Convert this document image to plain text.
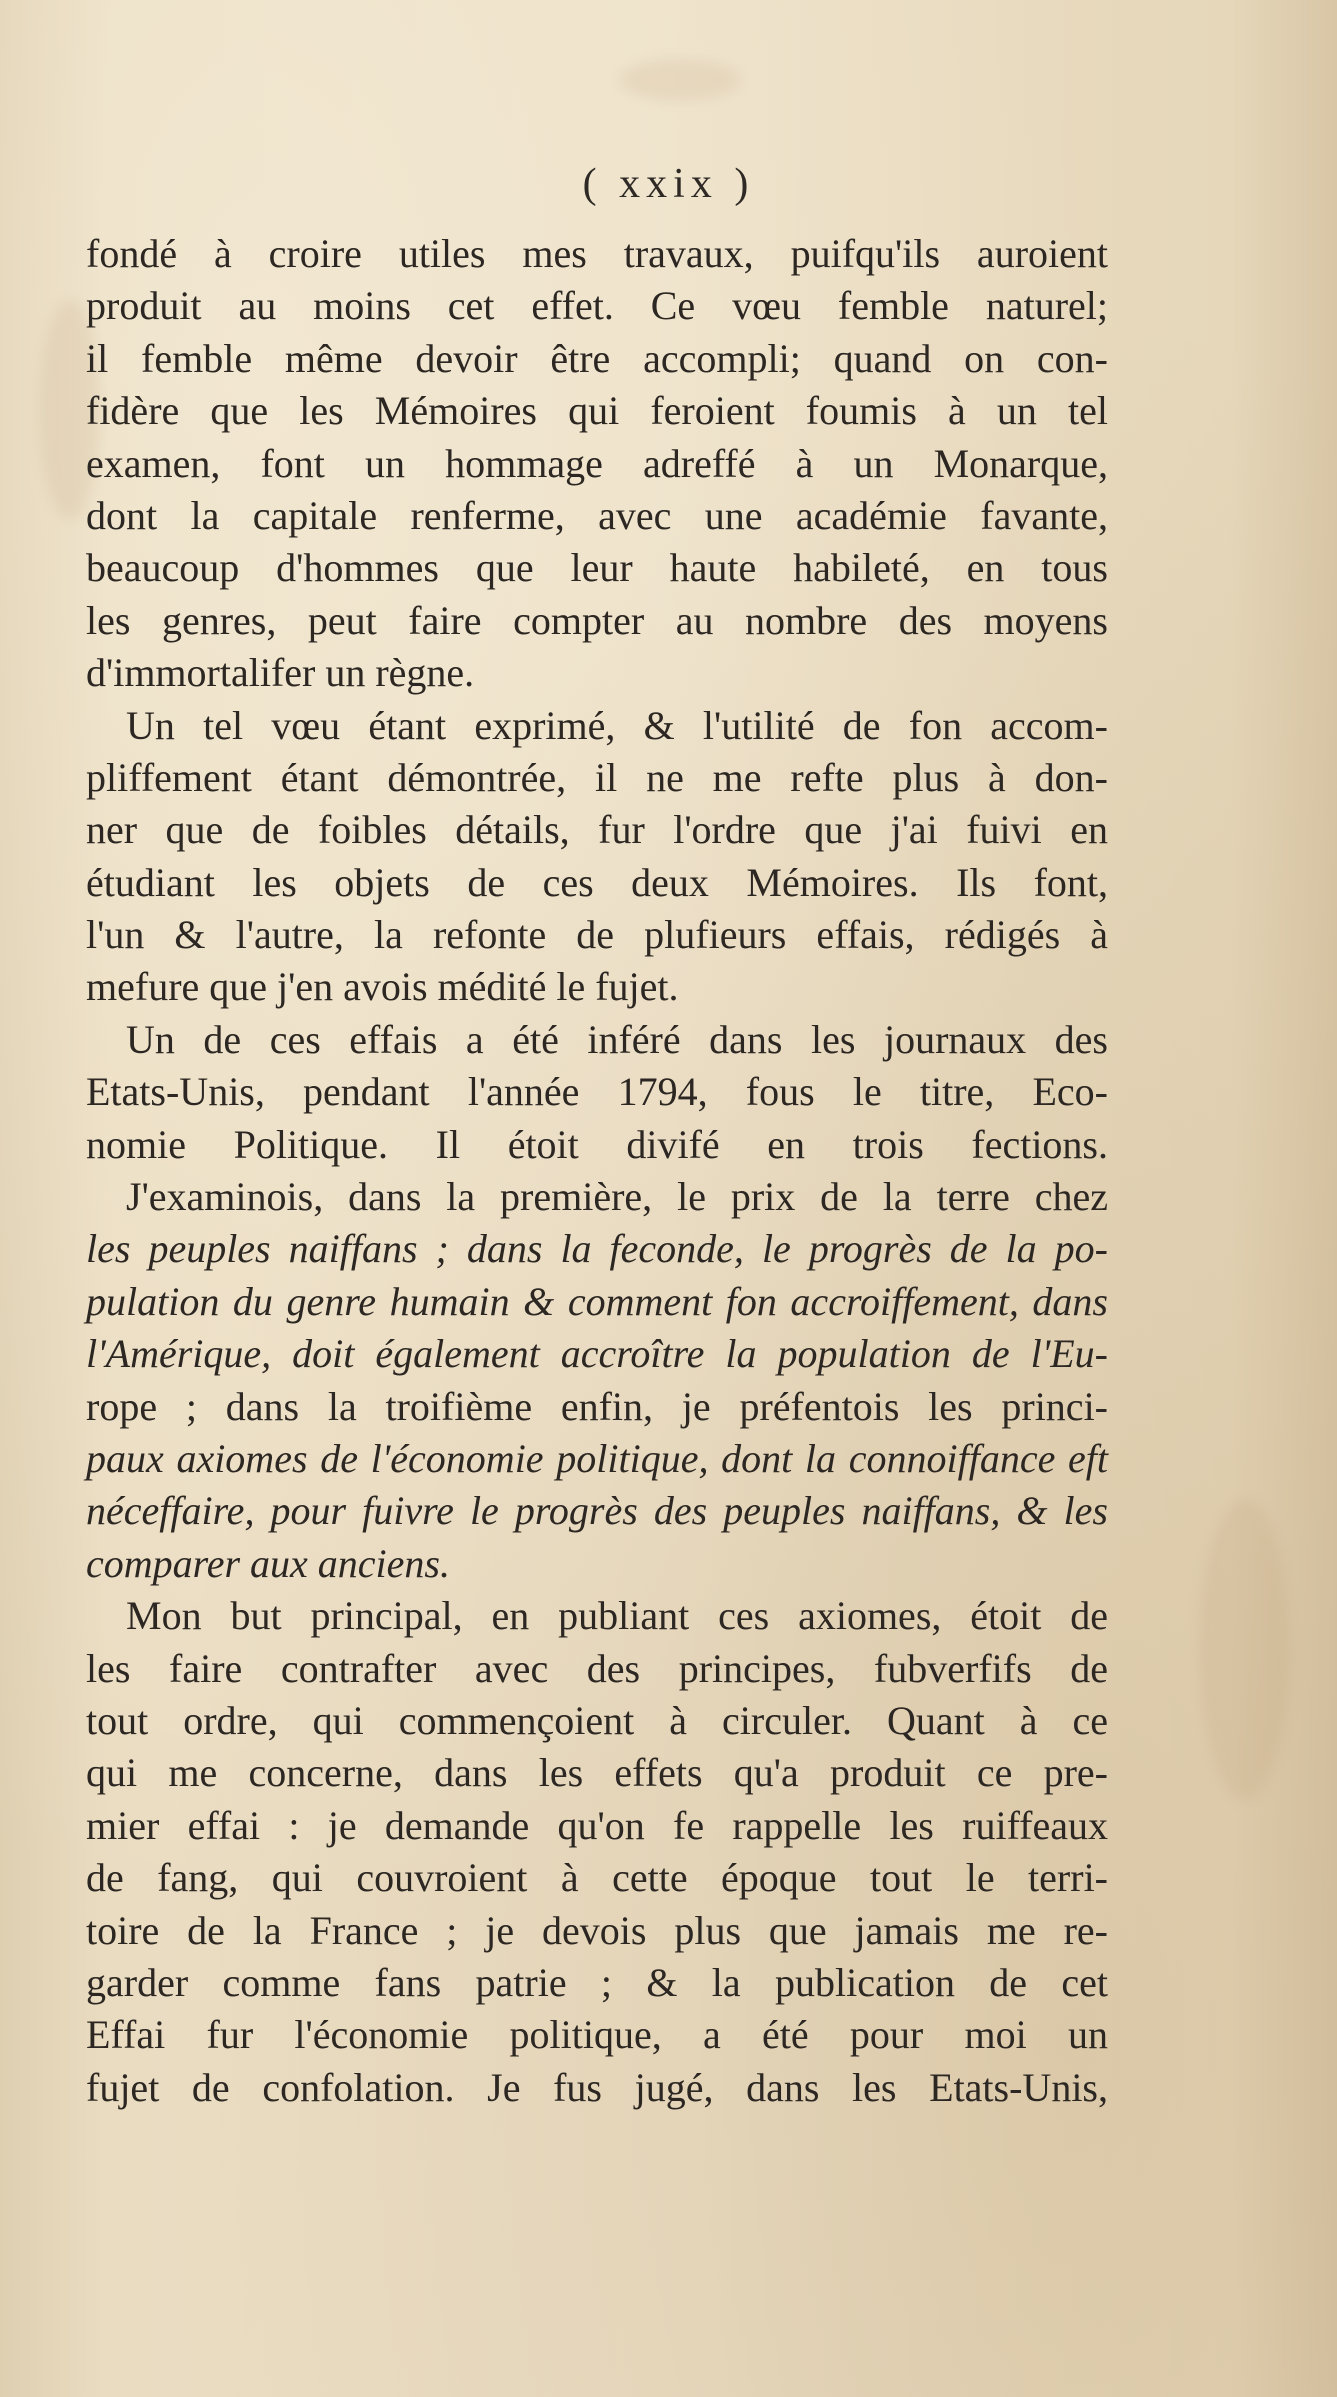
( xxix )
fondé à croire utiles mes travaux, puifqu'ils auroient
produit au moins cet effet. Ce vœu femble naturel;
il femble même devoir être accompli; quand on con-
fidère que les Mémoires qui feroient foumis à un tel
examen, font un hommage adreffé à un Monarque,
dont la capitale renferme, avec une académie favante,
beaucoup d'hommes que leur haute habileté, en tous
les genres, peut faire compter au nombre des moyens
d'immortalifer un règne.
Un tel vœu étant exprimé, & l'utilité de fon accom-
pliffement étant démontrée, il ne me refte plus à don-
ner que de foibles détails, fur l'ordre que j'ai fuivi en
étudiant les objets de ces deux Mémoires. Ils font,
l'un & l'autre, la refonte de plufieurs effais, rédigés à
mefure que j'en avois médité le fujet.
Un de ces effais a été inféré dans les journaux des
Etats-Unis, pendant l'année 1794, fous le titre, Eco-
nomie Politique. Il étoit divifé en trois fections.
J'examinois, dans la première, le prix de la terre chez
les peuples naiffans ; dans la feconde, le progrès de la po-
pulation du genre humain & comment fon accroiffement, dans
l'Amérique, doit également accroître la population de l'Eu-
rope ; dans la troifième enfin, je préfentois les princi-
paux axiomes de l'économie politique, dont la connoiffance eft
néceffaire, pour fuivre le progrès des peuples naiffans, & les
comparer aux anciens.
Mon but principal, en publiant ces axiomes, étoit de
les faire contrafter avec des principes, fubverfifs de
tout ordre, qui commençoient à circuler. Quant à ce
qui me concerne, dans les effets qu'a produit ce pre-
mier effai : je demande qu'on fe rappelle les ruiffeaux
de fang, qui couvroient à cette époque tout le terri-
toire de la France ; je devois plus que jamais me re-
garder comme fans patrie ; & la publication de cet
Effai fur l'économie politique, a été pour moi un
fujet de confolation. Je fus jugé, dans les Etats-Unis,
